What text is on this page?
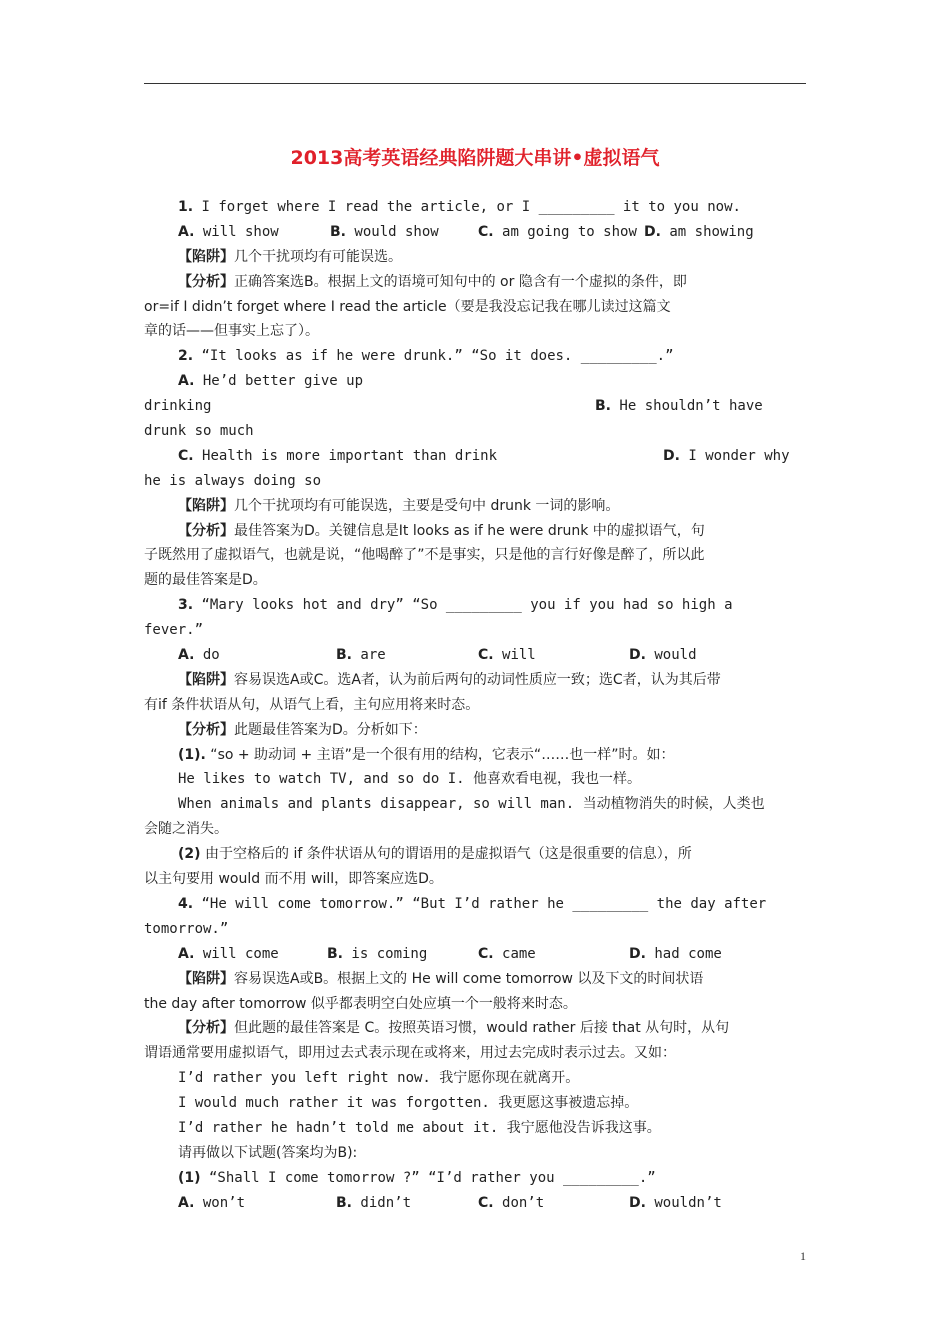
2013高考英语经典陷阱题大串讲•虚拟语气
1. I forget where I read the article, or I _________ it to you now.
A. will show	B. would show	C. am going to show D. am showing
【陷阱】几个干扰项均有可能误选。
【分析】正确答案选B。根据上文的语境可知句中的 or 隐含有一个虚拟的条件，即
or=if I didn’t forget where I read the article（要是我没忘记我在哪儿读过这篇文
章的话——但事实上忘了）。
2. “It looks as if he were drunk.” “So it does. _________.”
A. He’d better give up
drinking	B. He shouldn’t have
drunk so much
C. Health is more important than drink	D. I wonder why
he is always doing so
【陷阱】几个干扰项均有可能误选，主要是受句中 drunk 一词的影响。
【分析】最佳答案为D。关键信息是It looks as if he were drunk 中的虚拟语气，句
子既然用了虚拟语气，也就是说，“他喝醉了”不是事实，只是他的言行好像是醉了，所以此
题的最佳答案是D。
3. “Mary looks hot and dry” “So _________ you if you had so high a
fever.”
A. do	B. are	C. will	D. would
【陷阱】容易误选A或C。选A者，认为前后两句的动词性质应一致；选C者，认为其后带
有if 条件状语从句，从语气上看，主句应用将来时态。
【分析】此题最佳答案为D。分析如下：
(1). “so + 助动词 + 主语”是一个很有用的结构，它表示“……也一样”时。如：
He likes to watch TV, and so do I. 他喜欢看电视，我也一样。
When animals and plants disappear, so will man. 当动植物消失的时候，人类也
会随之消失。
(2) 由于空格后的 if 条件状语从句的谓语用的是虚拟语气（这是很重要的信息），所
以主句要用 would 而不用 will，即答案应选D。
4. “He will come tomorrow.” “But I’d rather he _________ the day after
tomorrow.”
A. will come	B. is coming	C. came	D. had come
【陷阱】容易误选A或B。根据上文的 He will come tomorrow 以及下文的时间状语
the day after tomorrow 似乎都表明空白处应填一个一般将来时态。
【分析】但此题的最佳答案是 C。按照英语习惯，would rather 后接 that 从句时，从句
谓语通常要用虚拟语气，即用过去式表示现在或将来，用过去完成时表示过去。又如：
I’d rather you left right now. 我宁愿你现在就离开。
I would much rather it was forgotten. 我更愿这事被遗忘掉。
I’d rather he hadn’t told me about it. 我宁愿他没告诉我这事。
请再做以下试题(答案均为B):
(1) “Shall I come tomorrow ?” “I’d rather you _________.”
A. won’t	B. didn’t	C. don’t	D. wouldn’t
1
